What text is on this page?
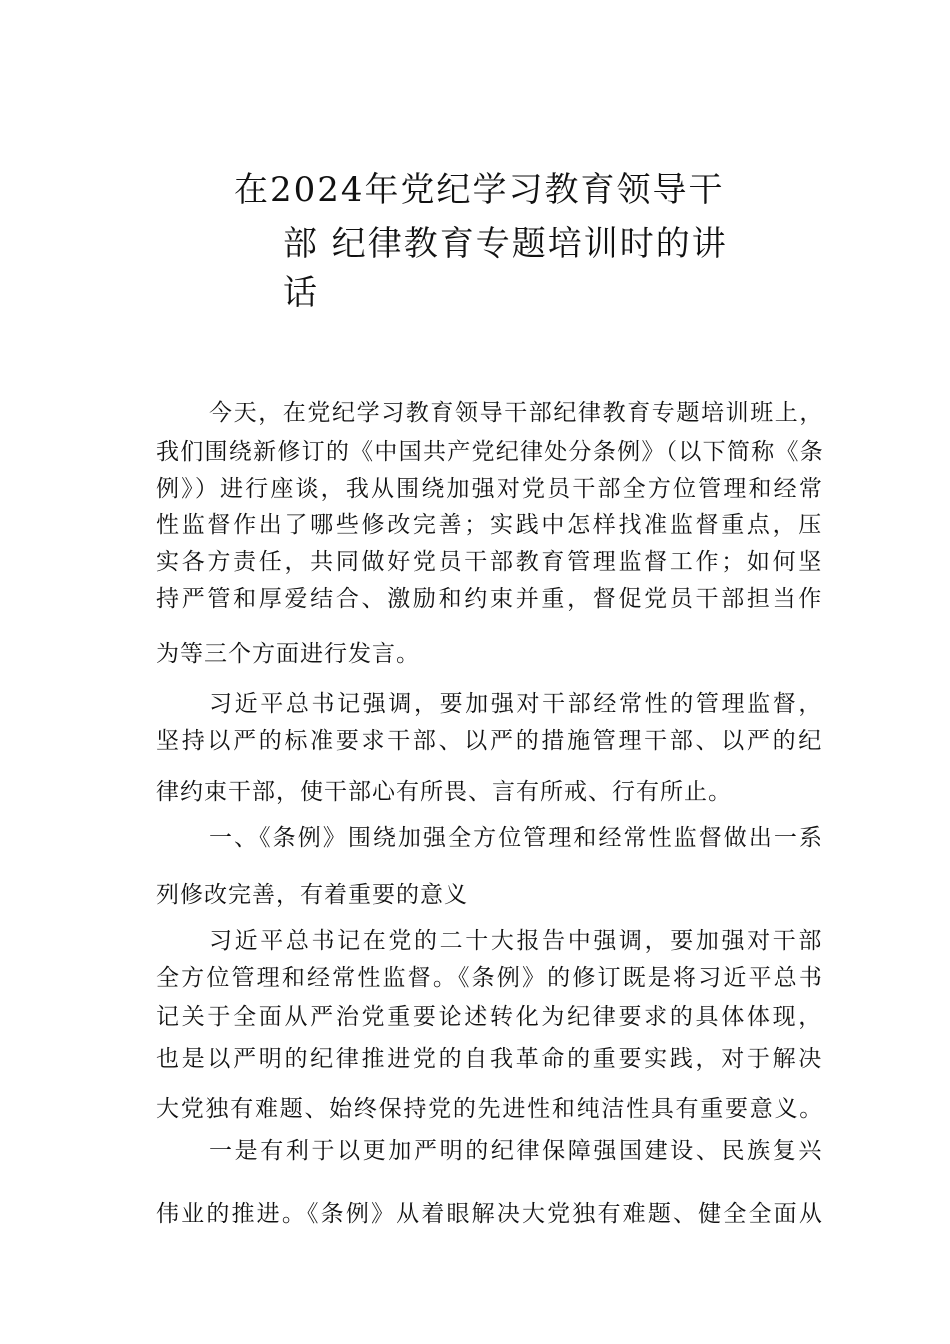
在2024年党纪学习教育领导干
部 纪律教育专题培训时的讲
话
今天，在党纪学习教育领导干部纪律教育专题培训班上，
我们围绕新修订的《中国共产党纪律处分条例》（以下简称《条
例》）进行座谈，我从围绕加强对党员干部全方位管理和经常
性监督作出了哪些修改完善；实践中怎样找准监督重点，压
实各方责任，共同做好党员干部教育管理监督工作；如何坚
持严管和厚爱结合、激励和约束并重，督促党员干部担当作
为等三个方面进行发言。
习近平总书记强调，要加强对干部经常性的管理监督，
坚持以严的标准要求干部、以严的措施管理干部、以严的纪
律约束干部，使干部心有所畏、言有所戒、行有所止。
一、《条例》围绕加强全方位管理和经常性监督做出一系
列修改完善，有着重要的意义
习近平总书记在党的二十大报告中强调，要加强对干部
全方位管理和经常性监督。《条例》的修订既是将习近平总书
记关于全面从严治党重要论述转化为纪律要求的具体体现，
也是以严明的纪律推进党的自我革命的重要实践，对于解决
大党独有难题、始终保持党的先进性和纯洁性具有重要意义。
一是有利于以更加严明的纪律保障强国建设、民族复兴
伟业的推进。《条例》从着眼解决大党独有难题、健全全面从
